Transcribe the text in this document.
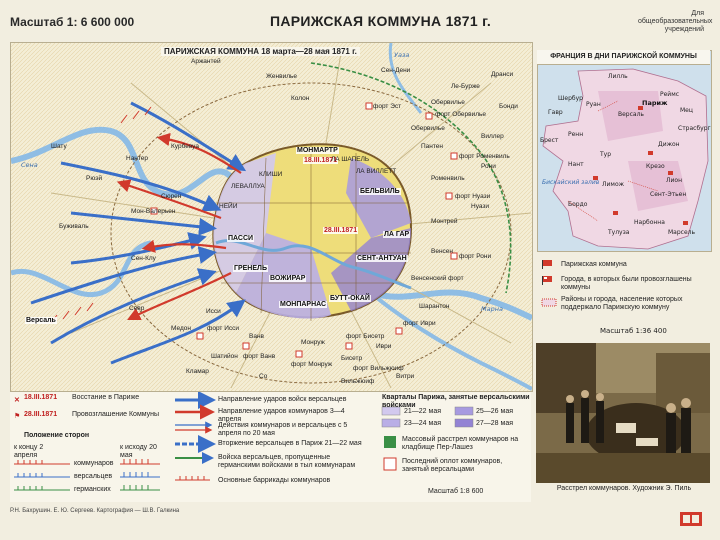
Масштаб 1: 6 600 000	ПАРИЖСКАЯ КОММУНА 1871 г.	Для общеобразовательных учреждений
ПАРИЖСКАЯ КОММУНА 18 марта—28 мая 1871 г.
18.III.1871
28.III.1871
МОНМАРТР
БЕЛЬВИЛЬ
ПАССИ
ГРЕНЕЛЬ
ВОЖИРАР
СЕНТ-АНТУАН
ЛА ГАР
МОНПАРНАС
БУТТ-ОКАЙ
КЛИШИ
ЛЕВАЛЛУА
НЕЙИ
ЛА ВИЛЛЕТТ
ЛА ШАПЕЛЬ
Аржантей
Женвилье
Колон
Сен-Дени
Обервилье
Курбевуа
Нантер
Рюэй
Шату
Сюрен
Мон-Валерьен
Буживаль
Сен-Клу
Севр
Медон
Версаль
Исси
Ванв
Монруж
Бисетр
Иври
Шарантон
Венсен
Монтрей
Роменвиль
Пантен
Нуази
Рони
Виллер
Вильжюиф
Со
Шатийон
Кламар
Ле-Бурже
Витри
Бонди
Дранси
Обервилье
форт Исси
форт Ванв
форт Монруж
форт Бисетр
форт Иври
форт Рони
форт Нуази
форт Роменвиль
форт Обервилье
форт Эст
форт Вильжюиф
Венсенский форт
Сена
Марна
Уаза
Париж
Лилль
Руан
Гавр
Шербур
Брест
Ренн
Нант
Тур
Бордо
Тулуза	Марсель
Лион
Дижон
Мец
Страсбург
Нарбонна
Сент-Этьен
Крезо
Лимож
Реймс
Версаль
Бискайский залив
ФРАНЦИЯ В ДНИ ПАРИЖСКОЙ КОММУНЫ
Парижская коммуна
Города, в которых были провозглашены коммуны
Районы и города, население которых поддержало Парижскую коммуну
Масштаб 1:36 400
Расстрел коммунаров. Художник Э. Пиль
✕
⚑
18.III.1871 Восстание в Париже
28.III.1871 Провозглашение Коммуны
Положение сторон
к концу 2 апреля
к исходу 20 мая
коммунаров
версальцев
германских
Направление ударов войск версальцев
Направление ударов коммунаров 3—4 апреля
Действия коммунаров и версальцев с 5 апреля по 20 мая
Вторжение версальцев в Париж 21—22 мая
Войска версальцев, пропущенные германскими войсками в тыл коммунарам
Основные баррикады коммунаров
Кварталы Парижа, занятые версальскими войсками
21—22 мая	25—26 мая
23—24 мая	27—28 мая
Массовый расстрел коммунаров на кладбище Пер-Лашез
Последний оплот коммунаров, занятый версальцами
Масштаб 1:8 600
Р.Н. Бахрушин. Е. Ю. Сергеев. Картография — Ш.В. Галкина
